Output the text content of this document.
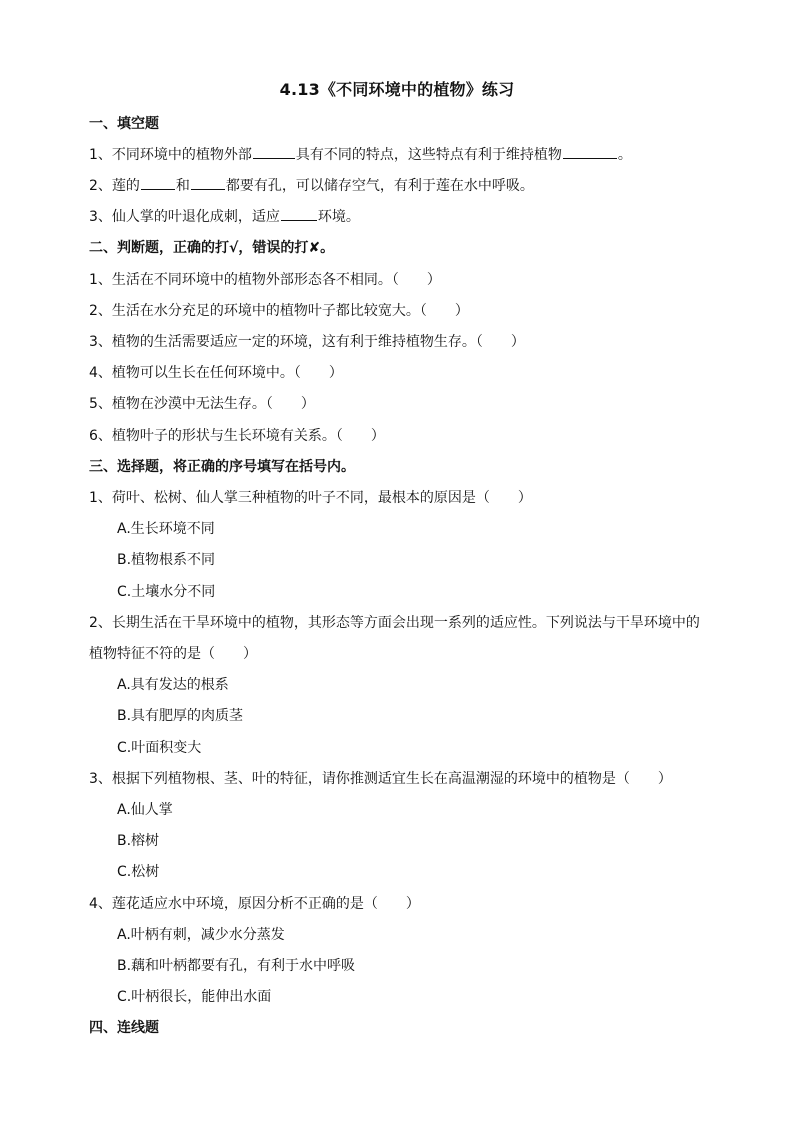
4.13《不同环境中的植物》练习
一、填空题
1、不同环境中的植物外部	具有不同的特点，这些特点有利于维持植物	。
2、莲的	和	都要有孔，可以储存空气，有利于莲在水中呼吸。
3、仙人掌的叶退化成刺，适应	环境。
二、判断题，正确的打√，错误的打✘。
1、生活在不同环境中的植物外部形态各不相同。（　　）
2、生活在水分充足的环境中的植物叶子都比较宽大。（　　）
3、植物的生活需要适应一定的环境，这有利于维持植物生存。（　　）
4、植物可以生长在任何环境中。（　　）
5、植物在沙漠中无法生存。（　　）
6、植物叶子的形状与生长环境有关系。（　　）
三、选择题，将正确的序号填写在括号内。
1、荷叶、松树、仙人掌三种植物的叶子不同，最根本的原因是（　　）
A.生长环境不同
B.植物根系不同
C.土壤水分不同
2、长期生活在干旱环境中的植物，其形态等方面会出现一系列的适应性。下列说法与干旱环境中的
植物特征不符的是（　　）
A.具有发达的根系
B.具有肥厚的肉质茎
C.叶面积变大
3、根据下列植物根、茎、叶的特征，请你推测适宜生长在高温潮湿的环境中的植物是（　　）
A.仙人掌
B.榕树
C.松树
4、莲花适应水中环境，原因分析不正确的是（　　）
A.叶柄有刺，减少水分蒸发
B.藕和叶柄都要有孔，有利于水中呼吸
C.叶柄很长，能伸出水面
四、连线题
